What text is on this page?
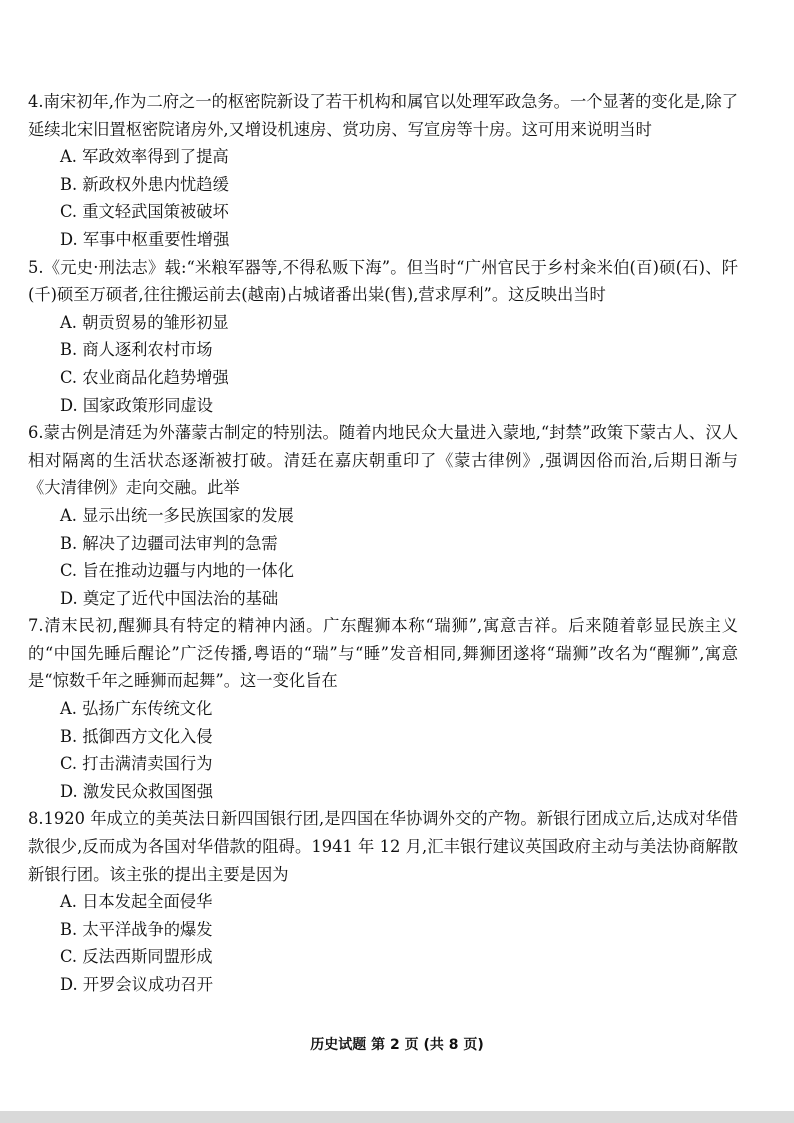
4.南宋初年,作为二府之一的枢密院新设了若干机构和属官以处理军政急务。一个显著的变化是,除了延续北宋旧置枢密院诸房外,又增设机速房、赏功房、写宣房等十房。这可用来说明当时

A. 军政效率得到了提高

B. 新政权外患内忧趋缓

C. 重文轻武国策被破坏

D. 军事中枢重要性增强

5.《元史·刑法志》载:“米粮军器等,不得私贩下海”。但当时“广州官民于乡村籴米伯(百)硕(石)、阡(千)硕至万硕者,往往搬运前去(越南)占城诸番出粜(售),营求厚利”。这反映出当时

A. 朝贡贸易的雏形初显

B. 商人逐利农村市场

C. 农业商品化趋势增强

D. 国家政策形同虚设

6.蒙古例是清廷为外藩蒙古制定的特别法。随着内地民众大量进入蒙地,“封禁”政策下蒙古人、汉人相对隔离的生活状态逐渐被打破。清廷在嘉庆朝重印了《蒙古律例》,强调因俗而治,后期日渐与《大清律例》走向交融。此举

A. 显示出统一多民族国家的发展

B. 解决了边疆司法审判的急需

C. 旨在推动边疆与内地的一体化

D. 奠定了近代中国法治的基础

7.清末民初,醒狮具有特定的精神内涵。广东醒狮本称“瑞狮”,寓意吉祥。后来随着彰显民族主义的“中国先睡后醒论”广泛传播,粤语的“瑞”与“睡”发音相同,舞狮团遂将“瑞狮”改名为“醒狮”,寓意是“惊数千年之睡狮而起舞”。这一变化旨在

A. 弘扬广东传统文化

B. 抵御西方文化入侵

C. 打击满清卖国行为

D. 激发民众救国图强

8.1920 年成立的美英法日新四国银行团,是四国在华协调外交的产物。新银行团成立后,达成对华借款很少,反而成为各国对华借款的阻碍。1941 年 12 月,汇丰银行建议英国政府主动与美法协商解散新银行团。该主张的提出主要是因为

A. 日本发起全面侵华

B. 太平洋战争的爆发

C. 反法西斯同盟形成

D. 开罗会议成功召开

历史试题 第 2 页 (共 8 页)
